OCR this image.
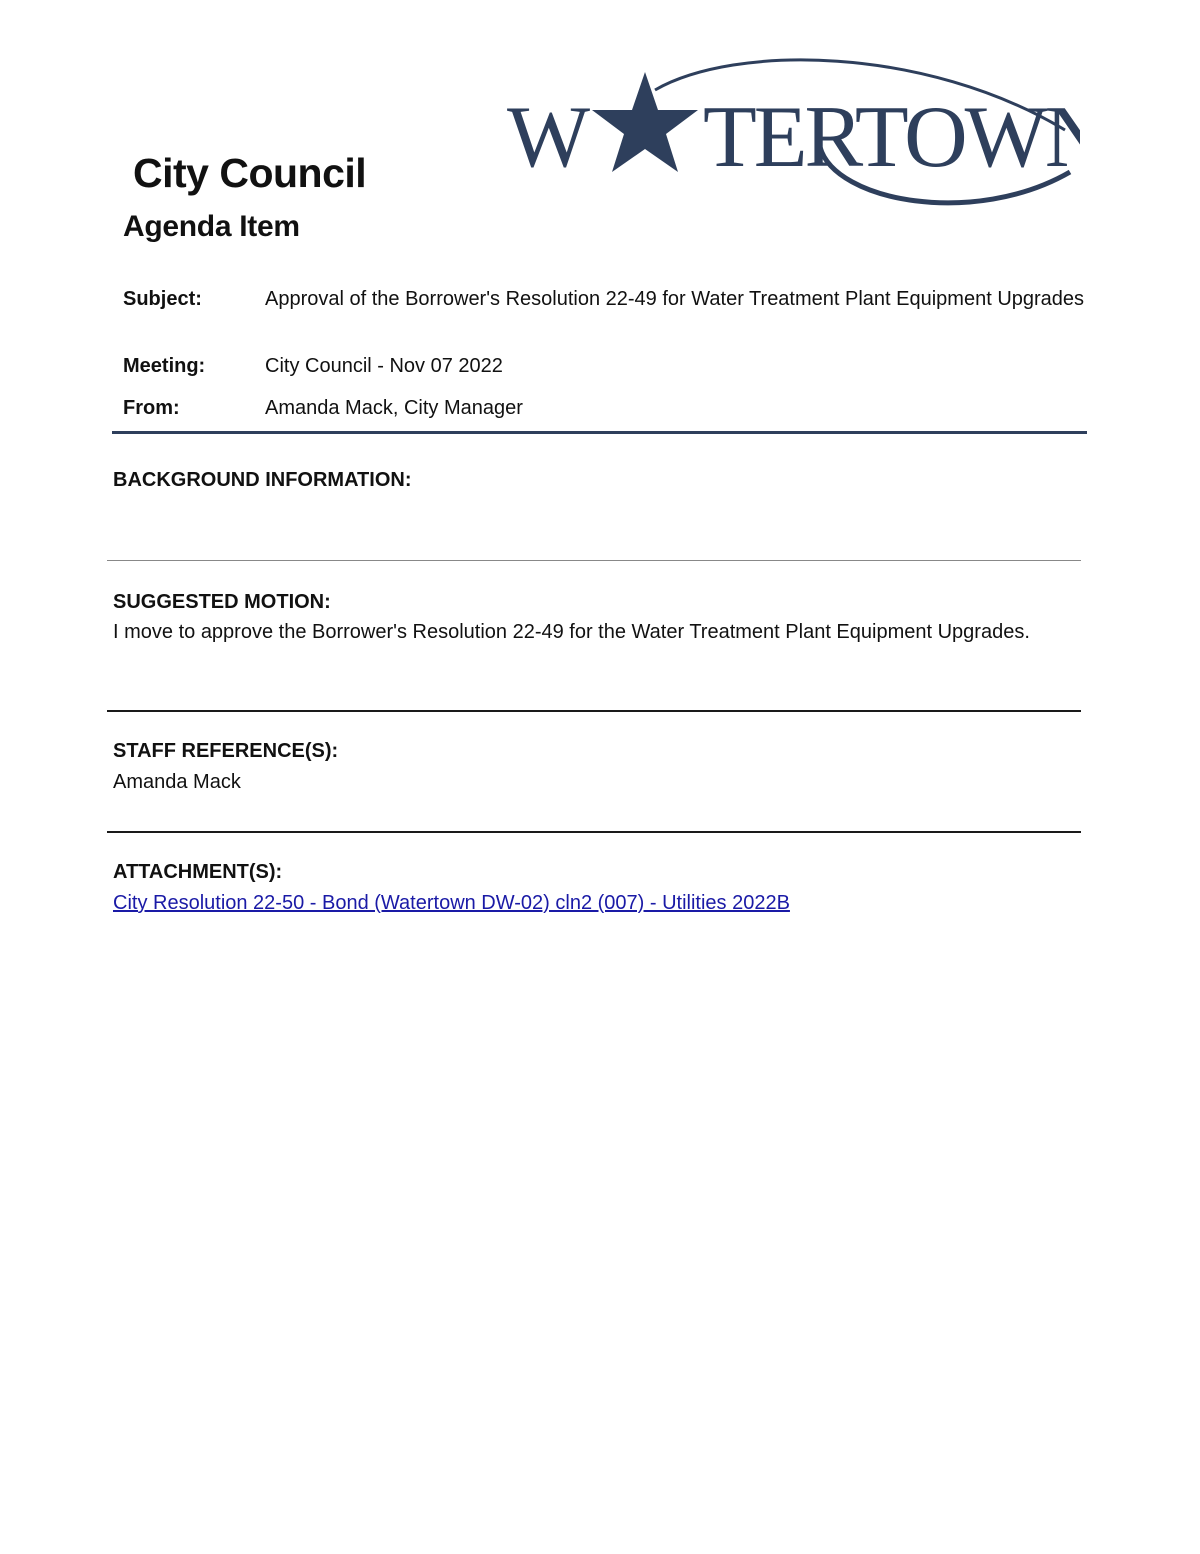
W TERTOWN
City Council
Agenda Item
Subject:	Approval of the Borrower's Resolution 22-49 for Water Treatment Plant Equipment Upgrades
Meeting:	City Council - Nov 07 2022
From:	Amanda Mack, City Manager
BACKGROUND INFORMATION:
SUGGESTED MOTION:

I move to approve the Borrower's Resolution 22-49 for the Water Treatment Plant Equipment Upgrades.

STAFF REFERENCE(S):

Amanda Mack

ATTACHMENT(S):

City Resolution 22-50 - Bond (Watertown DW-02) cln2 (007) - Utilities 2022B
